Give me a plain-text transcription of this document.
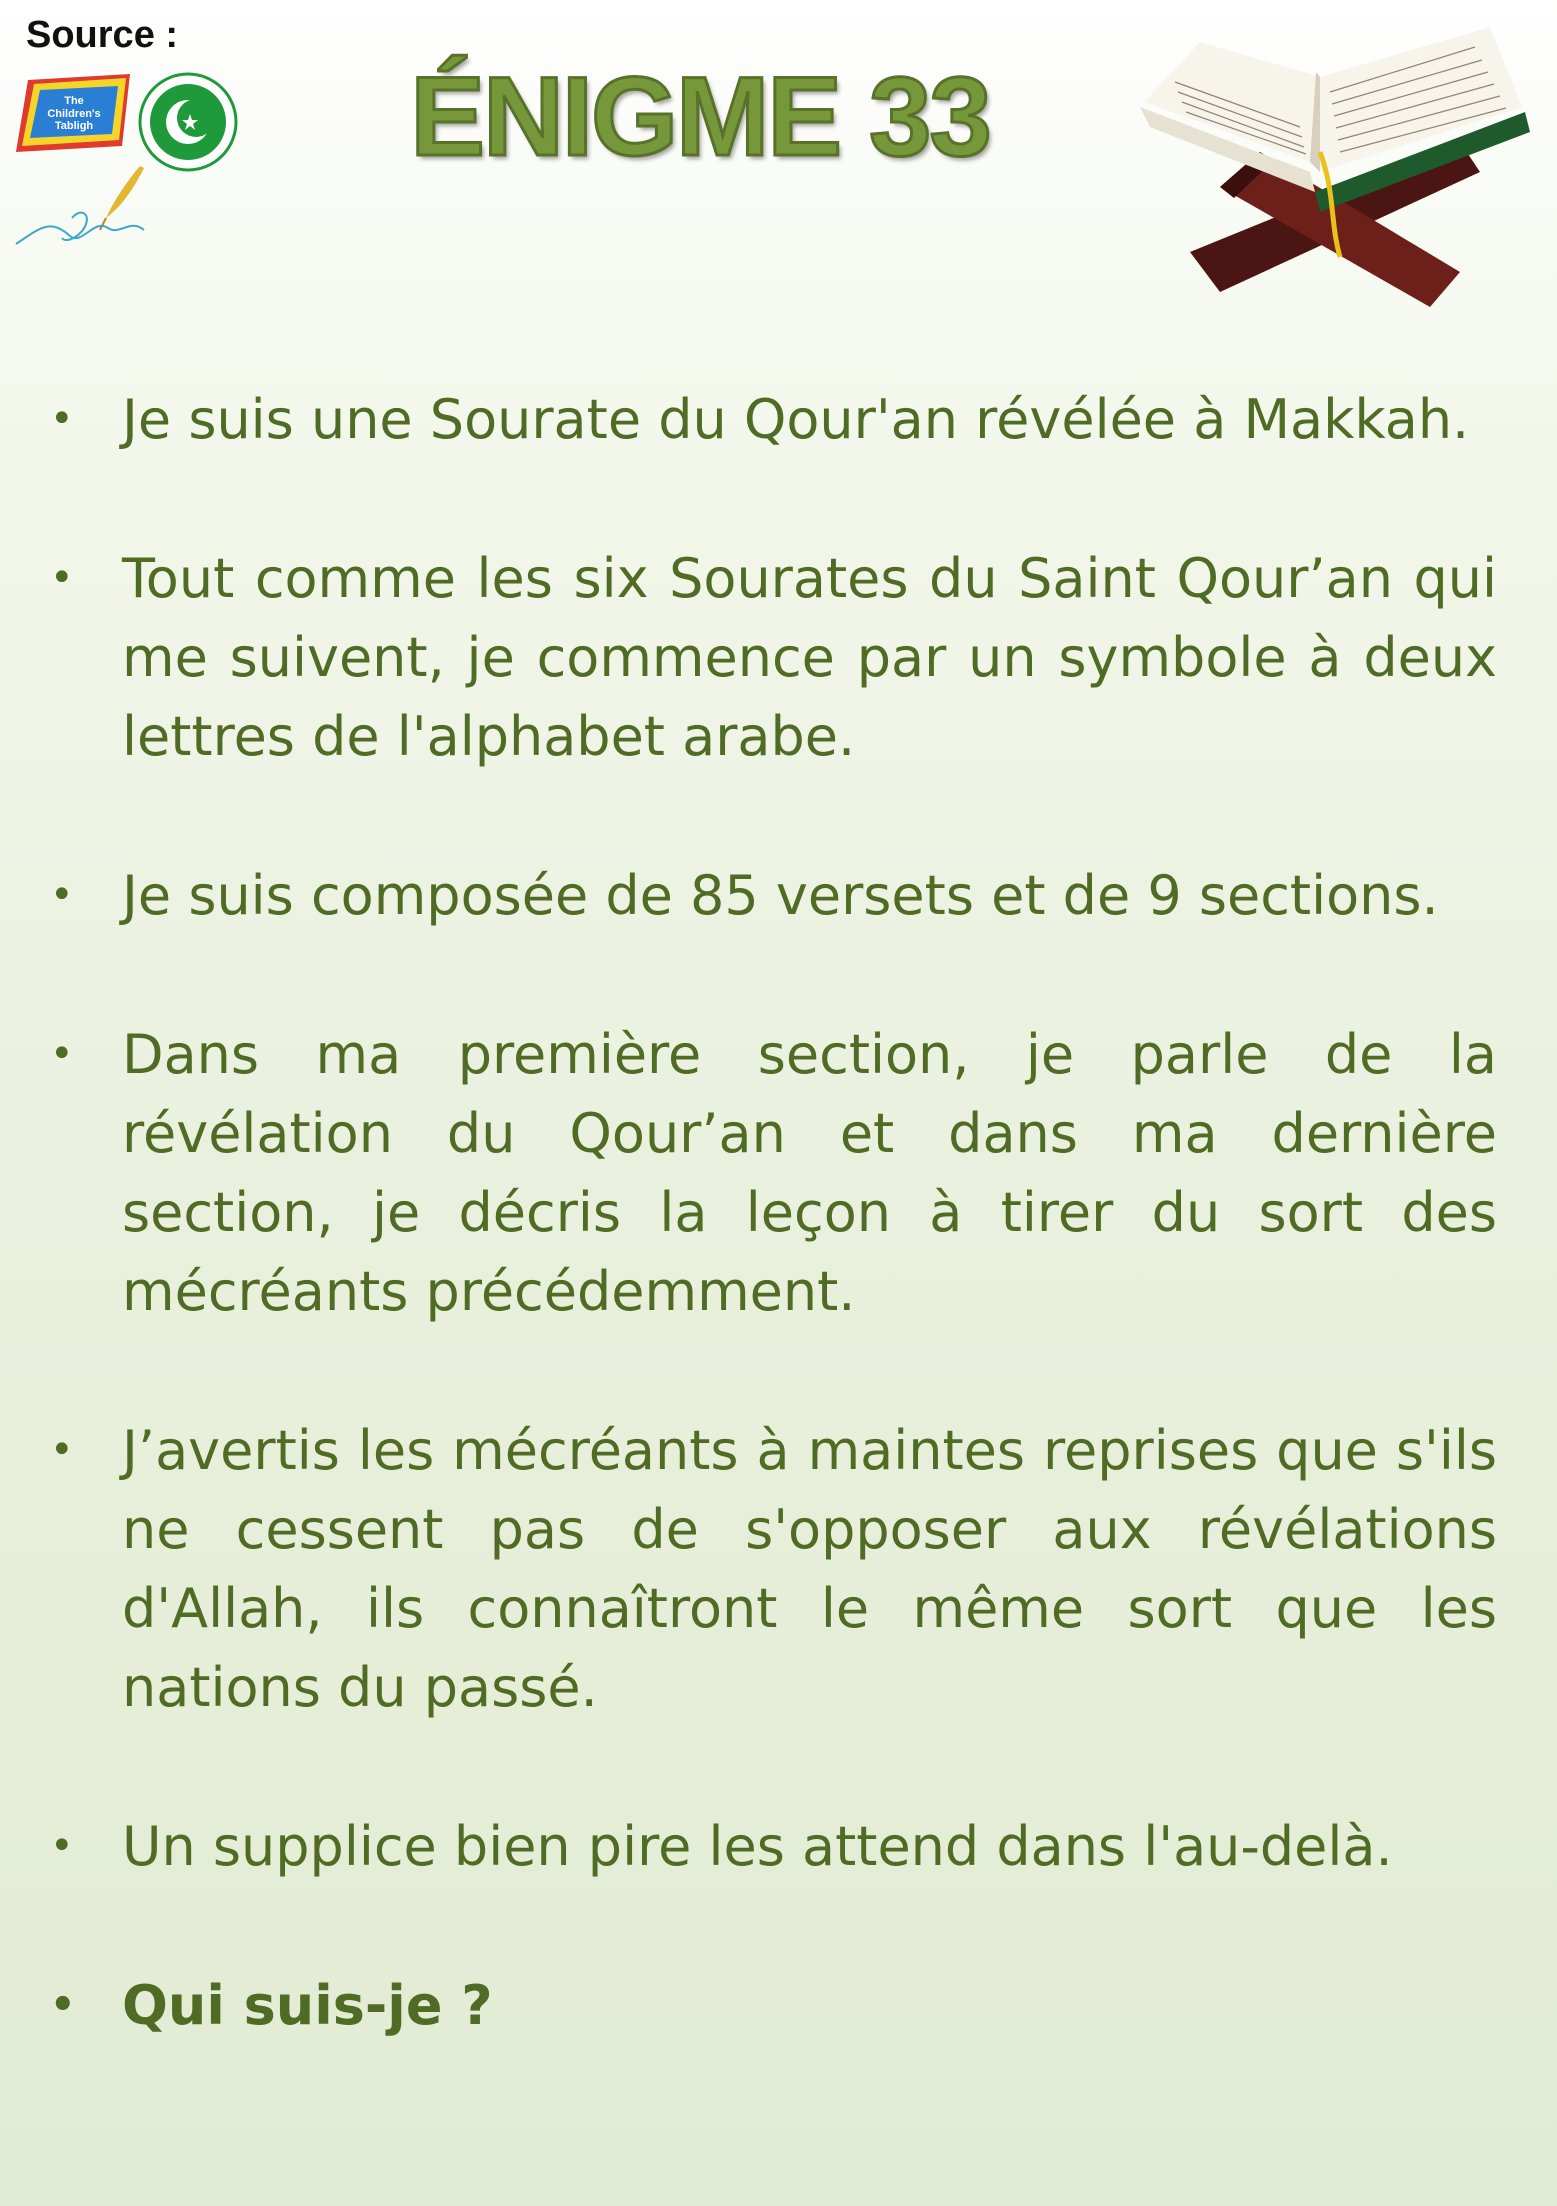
Source :
The
Children's
Tabligh	ÉNIGME 33
• Je suis une Sourate du Qour'an révélée à Makkah.
• Tout comme les six Sourates du Saint Qour’an qui me suivent, je commence par un symbole à deux lettres de l'alphabet arabe.
• Je suis composée de 85 versets et de 9 sections.
• Dans ma première section, je parle de la révélation du Qour’an et dans ma dernière section, je décris la leçon à tirer du sort des mécréants précédemment.
• J’avertis les mécréants à maintes reprises que s'ils ne cessent pas de s'opposer aux révélations d'Allah, ils connaîtront le même sort que les nations du passé.
• Un supplice bien pire les attend dans l'au-delà.
• Qui suis-je ?
